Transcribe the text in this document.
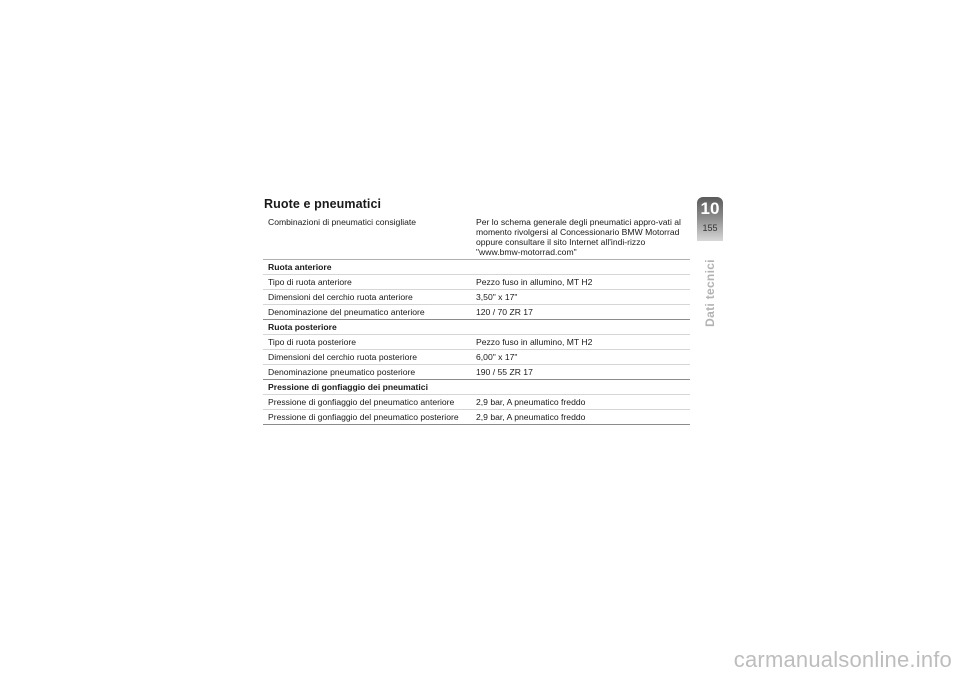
Ruote e pneumatici
Combinazioni di pneumatici consigliate	Per lo schema generale degli pneumatici appro-vati al momento rivolgersi al Concessionario BMW Motorrad oppure consultare il sito Internet all'indi-rizzo "www.bmw-motorrad.com"
Ruota anteriore	
Tipo di ruota anteriore	Pezzo fuso in allumino, MT H2
Dimensioni del cerchio ruota anteriore	3,50" x 17"
Denominazione del pneumatico anteriore	120 / 70 ZR 17
Ruota posteriore	
Tipo di ruota posteriore	Pezzo fuso in allumino, MT H2
Dimensioni del cerchio ruota posteriore	6,00" x 17"
Denominazione pneumatico posteriore	190 / 55 ZR 17
Pressione di gonfiaggio dei pneumatici	
Pressione di gonfiaggio del pneumatico anteriore	2,9 bar, A pneumatico freddo
Pressione di gonfiaggio del pneumatico posteriore	2,9 bar, A pneumatico freddo
10
155
Dati tecnici
carmanualsonline.info
